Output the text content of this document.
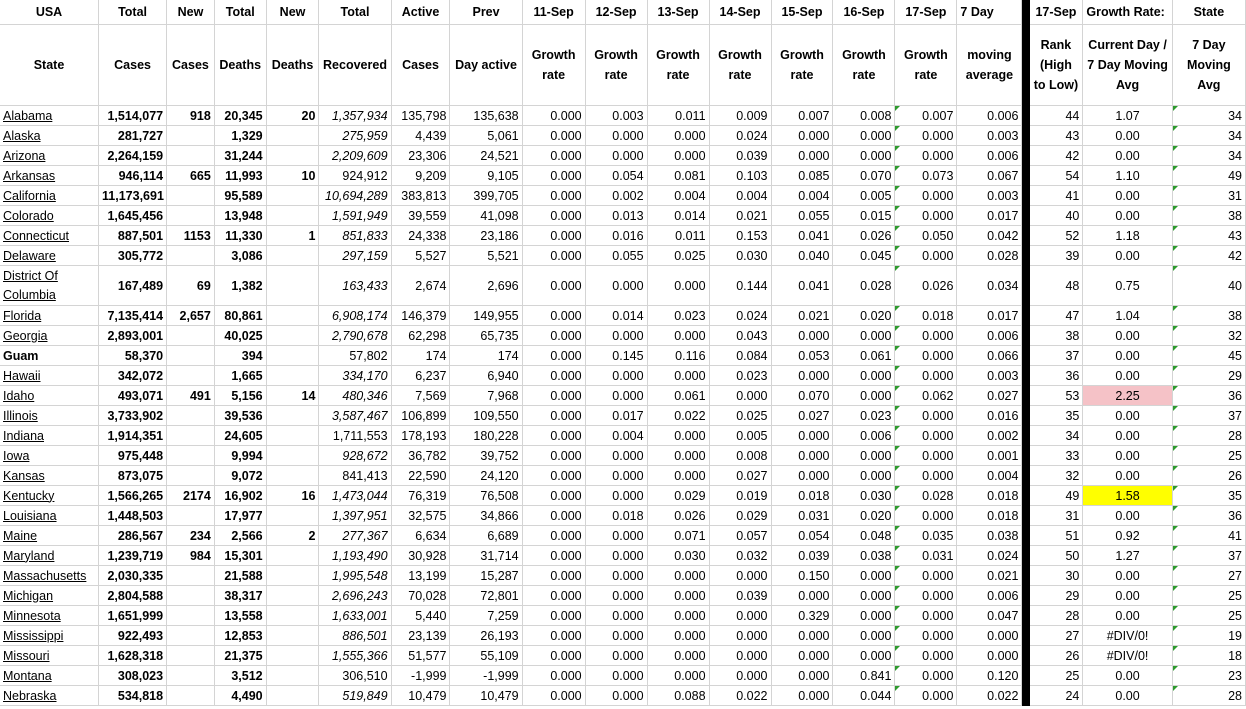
USA	Total	New	Total	New	Total	Active	Prev	11-Sep	12-Sep	13-Sep	14-Sep	15-Sep	16-Sep	17-Sep	7 Day		17-Sep	Growth Rate:	State
State	Cases	Cases	Deaths	Deaths	Recovered	Cases	Day active	Growth rate	Growth rate	Growth rate	Growth rate	Growth rate	Growth rate	Growth rate	moving average		Rank (High to Low)	Current Day / 7 Day Moving Avg	7 Day Moving Avg
Alabama	1,514,077	918	20,345	20	1,357,934	135,798	135,638	0.000	0.003	0.011	0.009	0.007	0.008	0.007	0.006		44	1.07	34
Alaska	281,727		1,329		275,959	4,439	5,061	0.000	0.000	0.000	0.024	0.000	0.000	0.000	0.003		43	0.00	34
Arizona	2,264,159		31,244		2,209,609	23,306	24,521	0.000	0.000	0.000	0.039	0.000	0.000	0.000	0.006		42	0.00	34
Arkansas	946,114	665	11,993	10	924,912	9,209	9,105	0.000	0.054	0.081	0.103	0.085	0.070	0.073	0.067		54	1.10	49
California	11,173,691		95,589		10,694,289	383,813	399,705	0.000	0.002	0.004	0.004	0.004	0.005	0.000	0.003		41	0.00	31
Colorado	1,645,456		13,948		1,591,949	39,559	41,098	0.000	0.013	0.014	0.021	0.055	0.015	0.000	0.017		40	0.00	38
Connecticut	887,501	1153	11,330	1	851,833	24,338	23,186	0.000	0.016	0.011	0.153	0.041	0.026	0.050	0.042		52	1.18	43
Delaware	305,772		3,086		297,159	5,527	5,521	0.000	0.055	0.025	0.030	0.040	0.045	0.000	0.028		39	0.00	42
District Of Columbia	167,489	69	1,382		163,433	2,674	2,696	0.000	0.000	0.000	0.144	0.041	0.028	0.026	0.034		48	0.75	40
Florida	7,135,414	2,657	80,861		6,908,174	146,379	149,955	0.000	0.014	0.023	0.024	0.021	0.020	0.018	0.017		47	1.04	38
Georgia	2,893,001		40,025		2,790,678	62,298	65,735	0.000	0.000	0.000	0.043	0.000	0.000	0.000	0.006		38	0.00	32
Guam	58,370		394		57,802	174	174	0.000	0.145	0.116	0.084	0.053	0.061	0.000	0.066		37	0.00	45
Hawaii	342,072		1,665		334,170	6,237	6,940	0.000	0.000	0.000	0.023	0.000	0.000	0.000	0.003		36	0.00	29
Idaho	493,071	491	5,156	14	480,346	7,569	7,968	0.000	0.000	0.061	0.000	0.070	0.000	0.062	0.027		53	2.25	36
Illinois	3,733,902		39,536		3,587,467	106,899	109,550	0.000	0.017	0.022	0.025	0.027	0.023	0.000	0.016		35	0.00	37
Indiana	1,914,351		24,605		1,711,553	178,193	180,228	0.000	0.004	0.000	0.005	0.000	0.006	0.000	0.002		34	0.00	28
Iowa	975,448		9,994		928,672	36,782	39,752	0.000	0.000	0.000	0.008	0.000	0.000	0.000	0.001		33	0.00	25
Kansas	873,075		9,072		841,413	22,590	24,120	0.000	0.000	0.000	0.027	0.000	0.000	0.000	0.004		32	0.00	26
Kentucky	1,566,265	2174	16,902	16	1,473,044	76,319	76,508	0.000	0.000	0.029	0.019	0.018	0.030	0.028	0.018		49	1.58	35
Louisiana	1,448,503		17,977		1,397,951	32,575	34,866	0.000	0.018	0.026	0.029	0.031	0.020	0.000	0.018		31	0.00	36
Maine	286,567	234	2,566	2	277,367	6,634	6,689	0.000	0.000	0.071	0.057	0.054	0.048	0.035	0.038		51	0.92	41
Maryland	1,239,719	984	15,301		1,193,490	30,928	31,714	0.000	0.000	0.030	0.032	0.039	0.038	0.031	0.024		50	1.27	37
Massachusetts	2,030,335		21,588		1,995,548	13,199	15,287	0.000	0.000	0.000	0.000	0.150	0.000	0.000	0.021		30	0.00	27
Michigan	2,804,588		38,317		2,696,243	70,028	72,801	0.000	0.000	0.000	0.039	0.000	0.000	0.000	0.006		29	0.00	25
Minnesota	1,651,999		13,558		1,633,001	5,440	7,259	0.000	0.000	0.000	0.000	0.329	0.000	0.000	0.047		28	0.00	25
Mississippi	922,493		12,853		886,501	23,139	26,193	0.000	0.000	0.000	0.000	0.000	0.000	0.000	0.000		27	#DIV/0!	19
Missouri	1,628,318		21,375		1,555,366	51,577	55,109	0.000	0.000	0.000	0.000	0.000	0.000	0.000	0.000		26	#DIV/0!	18
Montana	308,023		3,512		306,510	-1,999	-1,999	0.000	0.000	0.000	0.000	0.000	0.841	0.000	0.120		25	0.00	23
Nebraska	534,818		4,490		519,849	10,479	10,479	0.000	0.000	0.088	0.022	0.000	0.044	0.000	0.022		24	0.00	28
